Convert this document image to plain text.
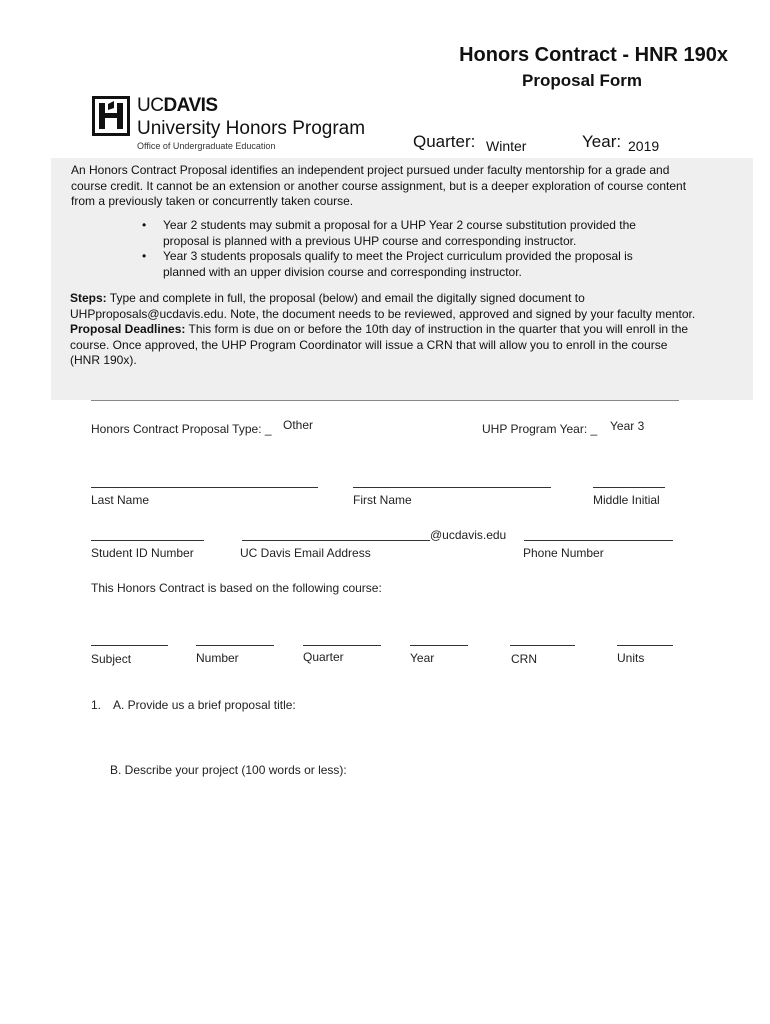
Honors Contract - HNR 190x
Proposal Form
UCDAVIS
University Honors Program
Office of Undergraduate Education	Quarter: Winter	Year: 2019
An Honors Contract Proposal identifies an independent project pursued under faculty mentorship for a grade and
course credit. It cannot be an extension or another course assignment, but is a deeper exploration of course content
from a previously taken or concurrently taken course.
• Year 2 students may submit a proposal for a UHP Year 2 course substitution provided the
proposal is planned with a previous UHP course and corresponding instructor.
• Year 3 students proposals qualify to meet the Project curriculum provided the proposal is
planned with an upper division course and corresponding instructor.
Steps: Type and complete in full, the proposal (below) and email the digitally signed document to
UHPproposals@ucdavis.edu. Note, the document needs to be reviewed, approved and signed by your faculty mentor.
Proposal Deadlines: This form is due on or before the 10th day of instruction in the quarter that you will enroll in the
course. Once approved, the UHP Program Coordinator will issue a CRN that will allow you to enroll in the course
(HNR 190x).
Honors Contract Proposal Type: _ Other	UHP Program Year: _ Year 3
Last Name	First Name	Middle Initial
@ucdavis.edu
Student ID Number	UC Davis Email Address	Phone Number
This Honors Contract is based on the following course:
Subject	Number	Quarter	Year	CRN	Units
1. A. Provide us a brief proposal title:
B. Describe your project (100 words or less):
